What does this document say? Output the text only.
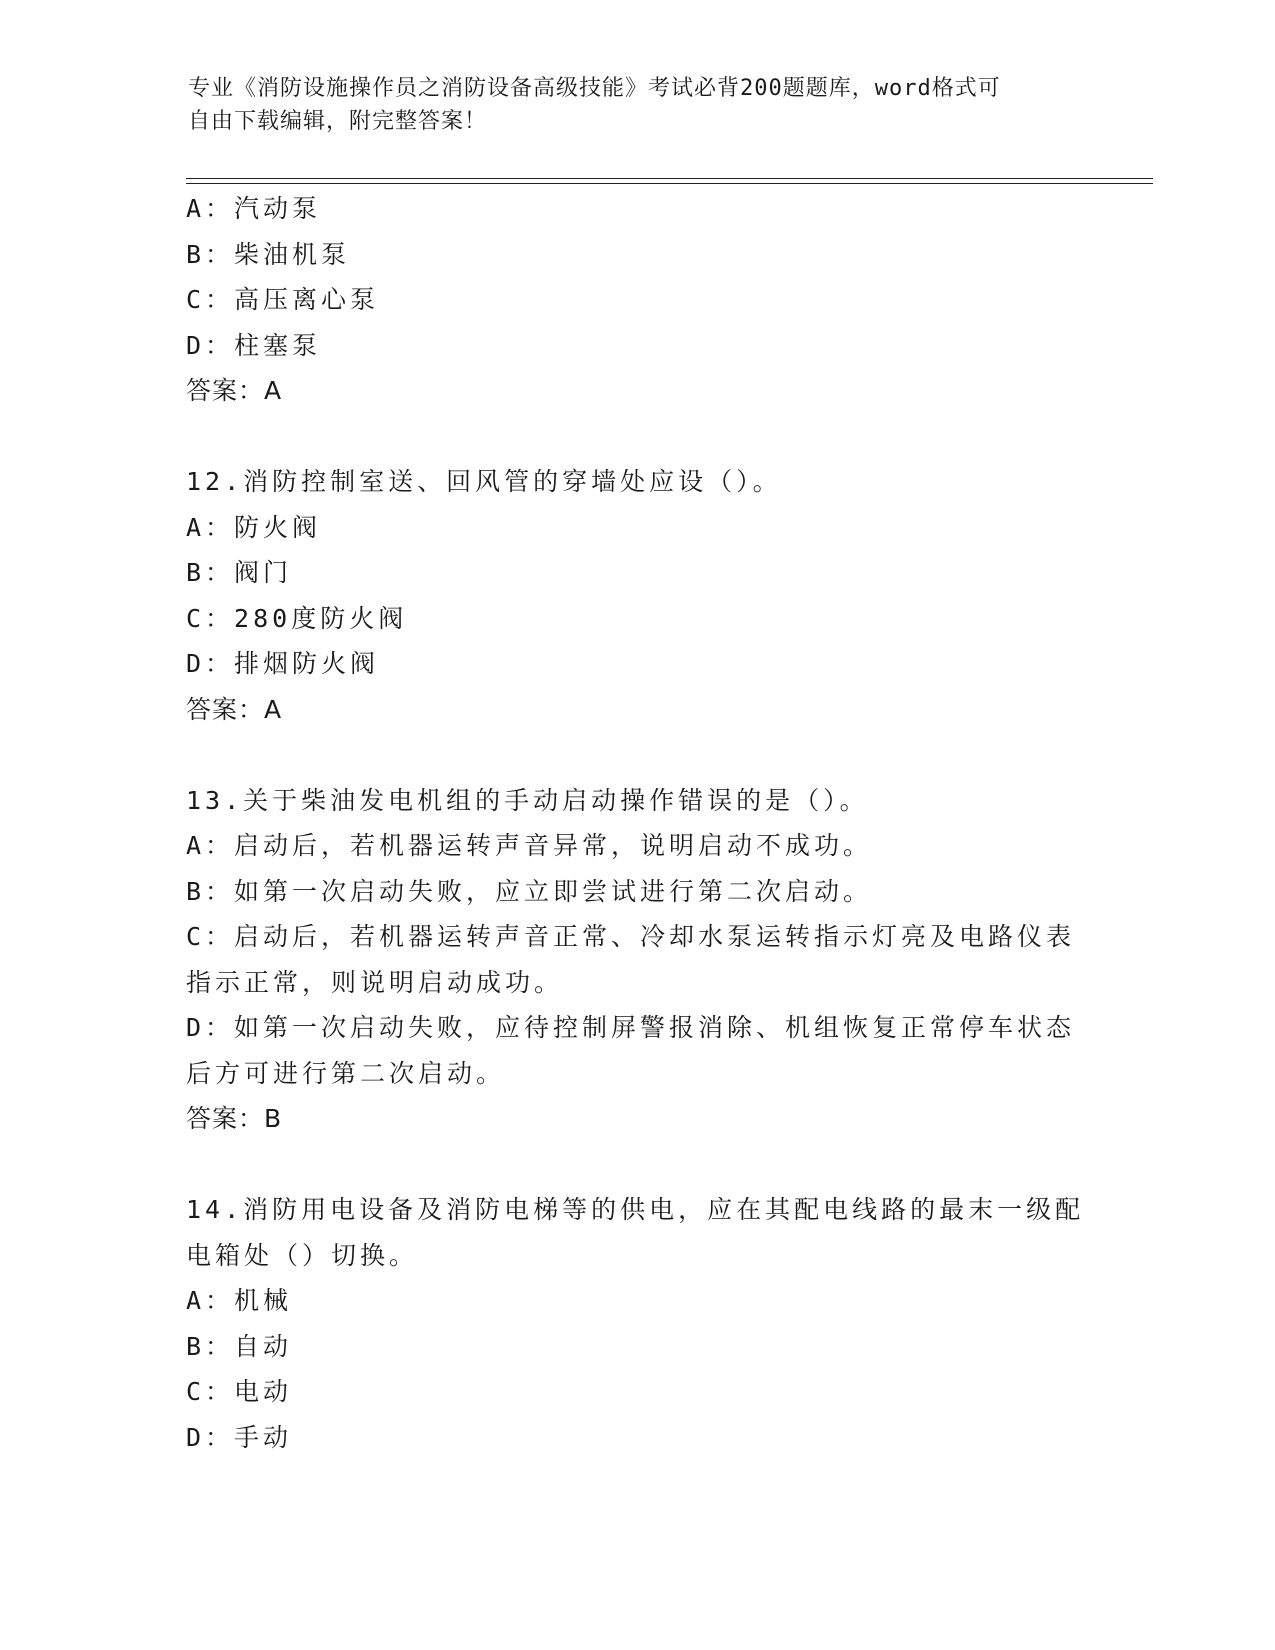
专业《消防设施操作员之消防设备高级技能》考试必背200题题库，word格式可
自由下载编辑，附完整答案！
A：汽动泵
B：柴油机泵
C：高压离心泵
D：柱塞泵
答案：A
12.消防控制室送、回风管的穿墙处应设（）。
A：防火阀
B：阀门
C：280度防火阀
D：排烟防火阀
答案：A
13.关于柴油发电机组的手动启动操作错误的是（）。
A：启动后，若机器运转声音异常，说明启动不成功。
B：如第一次启动失败，应立即尝试进行第二次启动。
C：启动后，若机器运转声音正常、冷却水泵运转指示灯亮及电路仪表
指示正常，则说明启动成功。
D：如第一次启动失败，应待控制屏警报消除、机组恢复正常停车状态
后方可进行第二次启动。
答案：B
14.消防用电设备及消防电梯等的供电，应在其配电线路的最末一级配
电箱处（）切换。
A：机械
B：自动
C：电动
D：手动
